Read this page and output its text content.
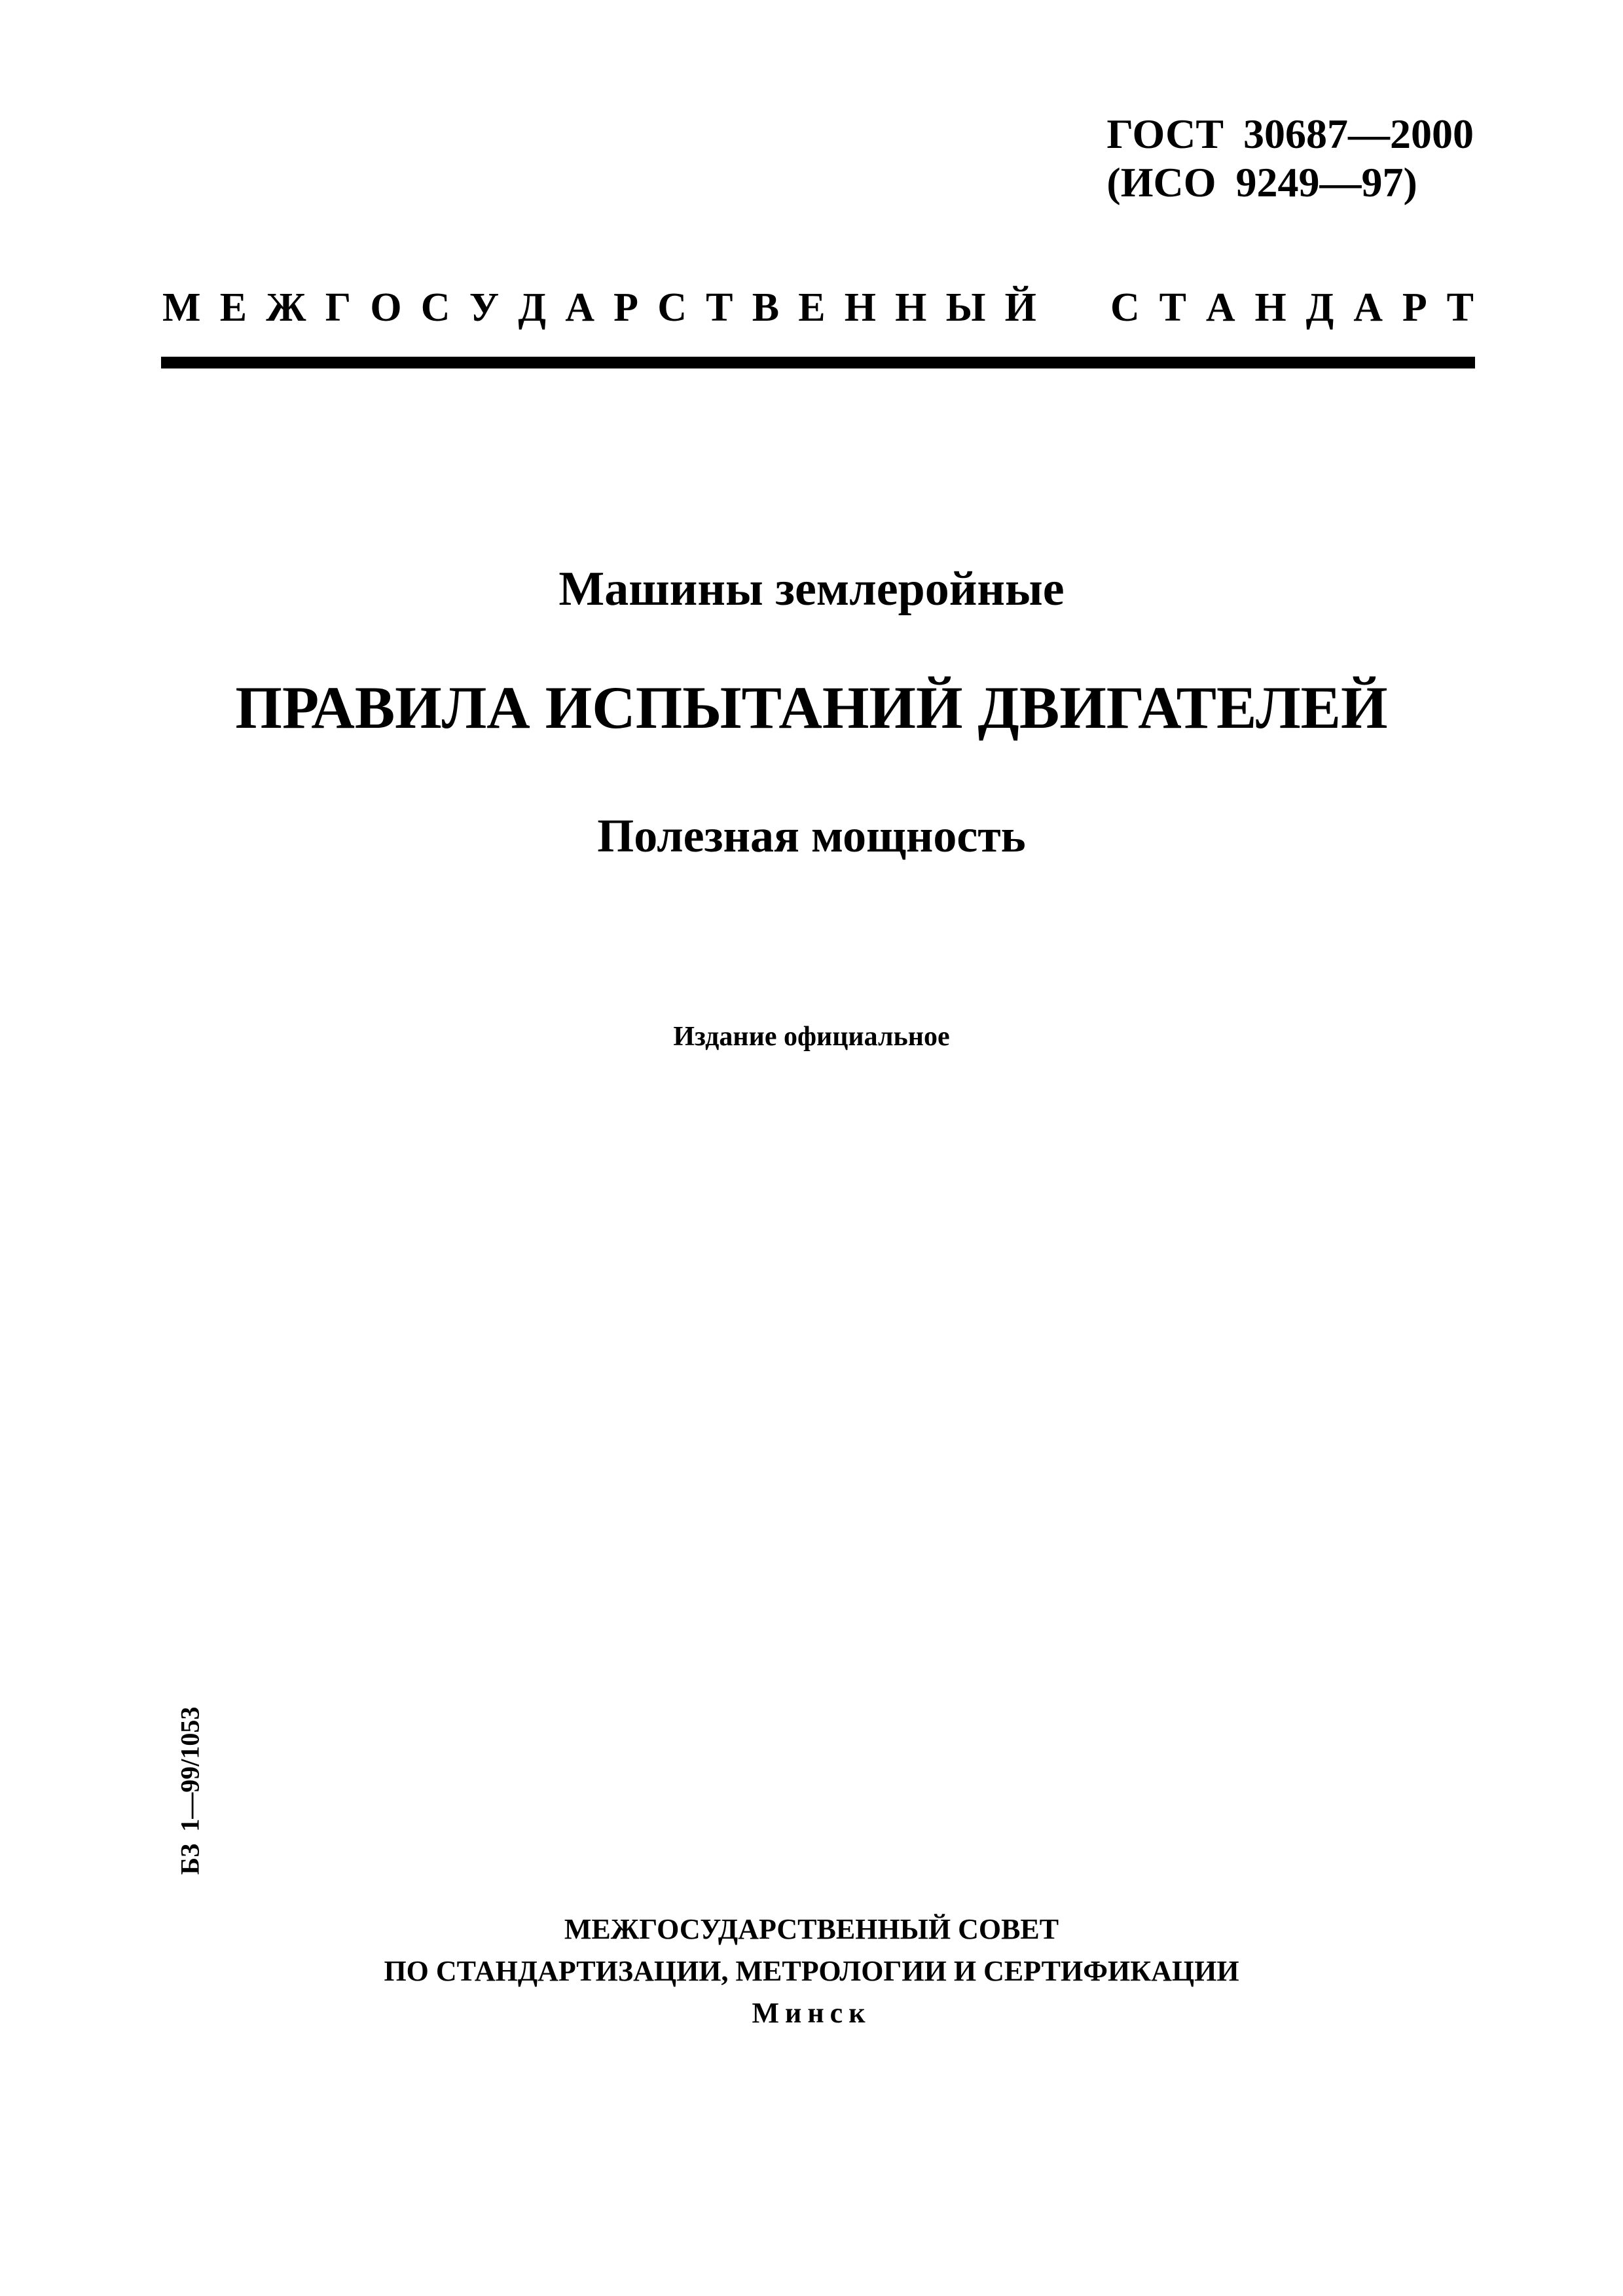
ГОСТ 30687—2000
(ИСО 9249—97)
М Е Ж Г О С У Д А Р С Т В Е Н Н Ы Й С Т А Н Д А Р Т
Машины землеройные
ПРАВИЛА ИСПЫТАНИЙ ДВИГАТЕЛЕЙ
Полезная мощность
Издание официальное
БЗ 1—99/1053
МЕЖГОСУДАРСТВЕННЫЙ СОВЕТ
ПО СТАНДАРТИЗАЦИИ, МЕТРОЛОГИИ И СЕРТИФИКАЦИИ
Минск
